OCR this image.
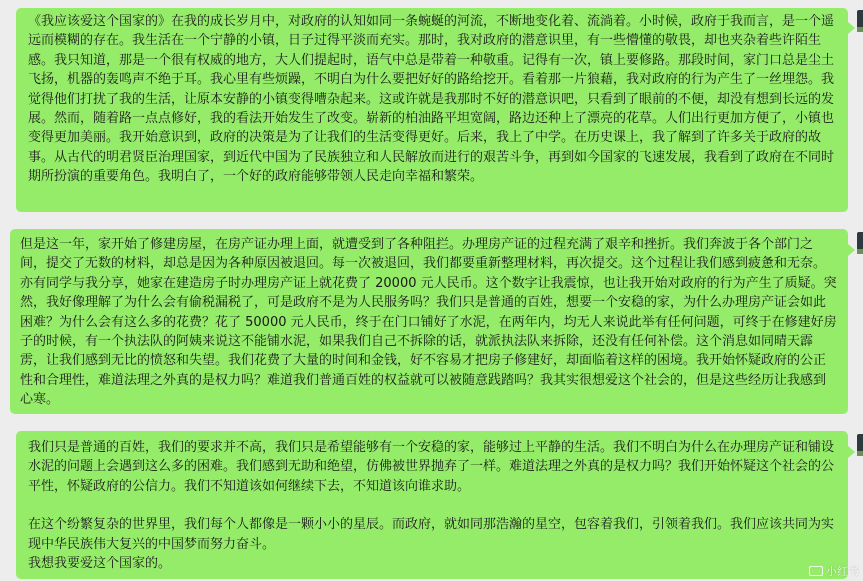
《我应该爱这个国家的》在我的成长岁月中，对政府的认知如同一条蜿蜒的河流，不断地变化着、流淌着。小时候，政府于我而言，是一个遥远而模糊的存在。我生活在一个宁静的小镇，日子过得平淡而充实。那时，我对政府的潜意识里，有一些懵懂的敬畏，却也夹杂着些许陌生感。我只知道，那是一个很有权威的地方，大人们提起时，语气中总是带着一种敬重。记得有一次，镇上要修路。那段时间，家门口总是尘土飞扬，机器的轰鸣声不绝于耳。我心里有些烦躁，不明白为什么要把好好的路给挖开。看着那一片狼藉，我对政府的行为产生了一丝埋怨。我觉得他们打扰了我的生活，让原本安静的小镇变得嘈杂起来。这或许就是我那时不好的潜意识吧，只看到了眼前的不便，却没有想到长远的发展。然而，随着路一点点修好，我的看法开始发生了改变。崭新的柏油路平坦宽阔，路边还种上了漂亮的花草。人们出行更加方便了，小镇也变得更加美丽。我开始意识到，政府的决策是为了让我们的生活变得更好。后来，我上了中学。在历史课上，我了解到了许多关于政府的故事。从古代的明君贤臣治理国家，到近代中国为了民族独立和人民解放而进行的艰苦斗争，再到如今国家的飞速发展，我看到了政府在不同时期所扮演的重要角色。我明白了，一个好的政府能够带领人民走向幸福和繁荣。

但是这一年，家开始了修建房屋，在房产证办理上面，就遭受到了各种阻拦。办理房产证的过程充满了艰辛和挫折。我们奔波于各个部门之间，提交了无数的材料，却总是因为各种原因被退回。每一次被退回，我们都要重新整理材料，再次提交。这个过程让我们感到疲惫和无奈。亦有同学与我分享，她家在建造房子时办理房产证上就花费了 20000 元人民币。这个数字让我震惊，也让我开始对政府的行为产生了质疑。突然，我好像理解了为什么会有偷税漏税了，可是政府不是为人民服务吗？我们只是普通的百姓，想要一个安稳的家，为什么办理房产证会如此困难？为什么会有这么多的花费？花了 50000 元人民币，终于在门口铺好了水泥，在两年内，均无人来说此举有任何问题，可终于在修建好房子的时候，有一个执法队的阿姨来说这不能铺水泥，如果我们自己不拆除的话，就派执法队来拆除，还没有任何补偿。这个消息如同晴天霹雳，让我们感到无比的愤怒和失望。我们花费了大量的时间和金钱，好不容易才把房子修建好，却面临着这样的困境。我开始怀疑政府的公正性和合理性，难道法理之外真的是权力吗？难道我们普通百姓的权益就可以被随意践踏吗？我其实很想爱这个社会的，但是这些经历让我感到心寒。

我们只是普通的百姓，我们的要求并不高，我们只是希望能够有一个安稳的家，能够过上平静的生活。我们不明白为什么在办理房产证和铺设水泥的问题上会遇到这么多的困难。我们感到无助和绝望，仿佛被世界抛弃了一样。难道法理之外真的是权力吗？我们开始怀疑这个社会的公平性，怀疑政府的公信力。我们不知道该如何继续下去，不知道该向谁求助。

在这个纷繁复杂的世界里，我们每个人都像是一颗小小的星辰。而政府，就如同那浩瀚的星空，包容着我们，引领着我们。我们应该共同为实现中华民族伟大复兴的中国梦而努力奋斗。

我想我要爱这个国家的。

小红书
